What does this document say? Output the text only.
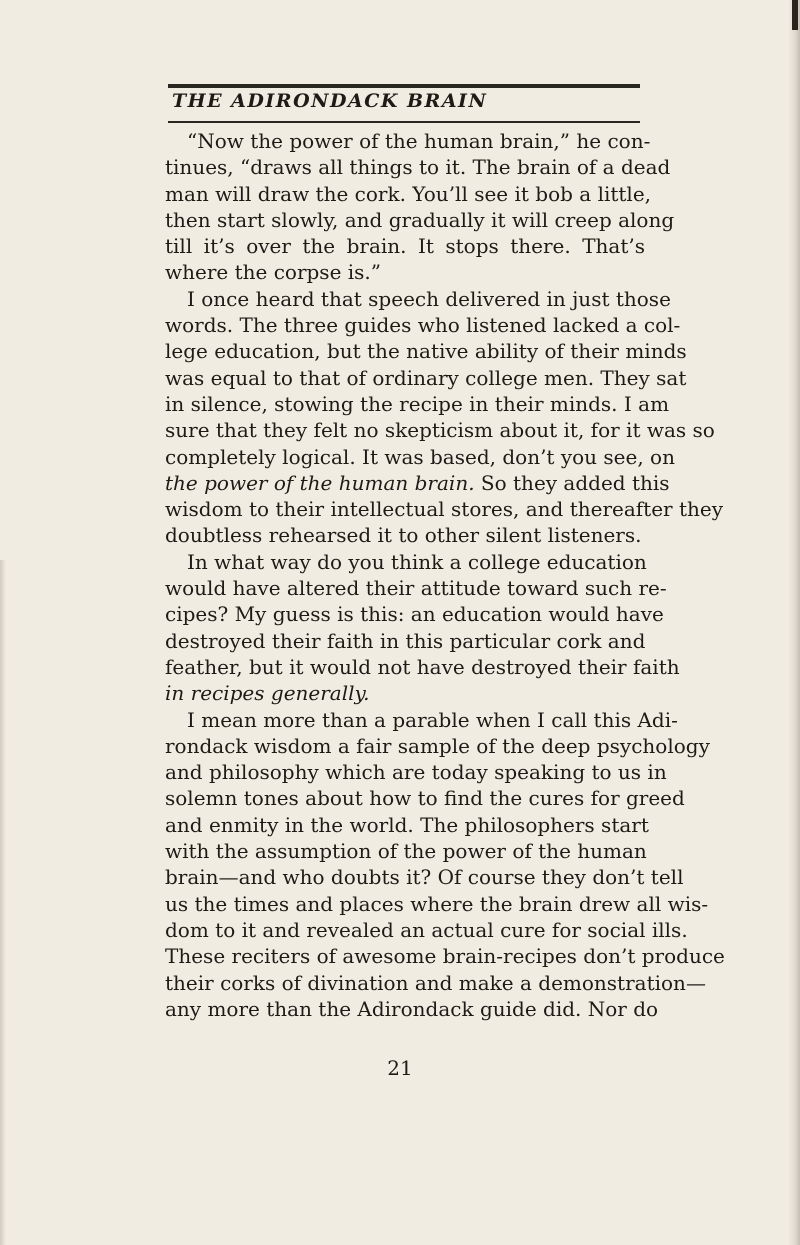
THE ADIRONDACK BRAIN
“Now the power of the human brain,” he con-
tinues, “draws all things to it. The brain of a dead
man will draw the cork. You’ll see it bob a little,
then start slowly, and gradually it will creep along
till it’s over the brain. It stops there. That’s
where the corpse is.”
I once heard that speech delivered in just those
words. The three guides who listened lacked a col-
lege education, but the native ability of their minds
was equal to that of ordinary college men. They sat
in silence, stowing the recipe in their minds. I am
sure that they felt no skepticism about it, for it was so
completely logical. It was based, don’t you see, on
the power of the human brain. So they added this
wisdom to their intellectual stores, and thereafter they
doubtless rehearsed it to other silent listeners.
In what way do you think a college education
would have altered their attitude toward such re-
cipes? My guess is this: an education would have
destroyed their faith in this particular cork and
feather, but it would not have destroyed their faith
in recipes generally.
I mean more than a parable when I call this Adi-
rondack wisdom a fair sample of the deep psychology
and philosophy which are today speaking to us in
solemn tones about how to find the cures for greed
and enmity in the world. The philosophers start
with the assumption of the power of the human
brain—and who doubts it? Of course they don’t tell
us the times and places where the brain drew all wis-
dom to it and revealed an actual cure for social ills.
These reciters of awesome brain-recipes don’t produce
their corks of divination and make a demonstration—
any more than the Adirondack guide did. Nor do
21
